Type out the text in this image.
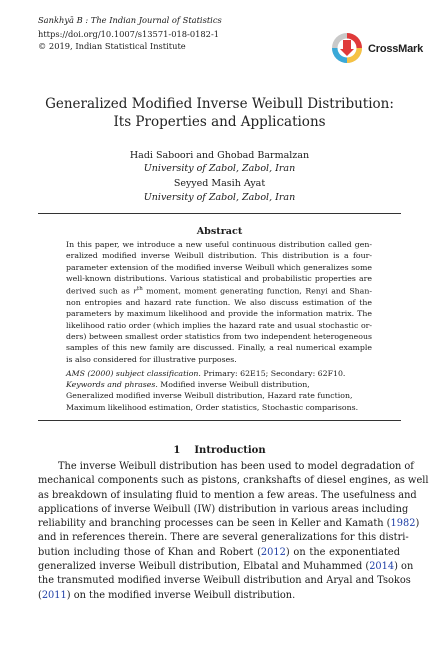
Sankhyā B : The Indian Journal of Statistics
https://doi.org/10.1007/s13571-018-0182-1
© 2019, Indian Statistical Institute	CrossMark
Generalized Modified Inverse Weibull Distribution:
Its Properties and Applications
Hadi Saboori and Ghobad Barmalzan
University of Zabol, Zabol, Iran
Seyyed Masih Ayat
University of Zabol, Zabol, Iran
Abstract
In this paper, we introduce a new useful continuous distribution called gen-
eralized modified inverse Weibull distribution. This distribution is a four-
parameter extension of the modified inverse Weibull which generalizes some
well-known distributions. Various statistical and probabilistic properties are
derived such as $r^{th}$ moment, moment generating function, Renyi and Shan-
non entropies and hazard rate function. We also discuss estimation of the
parameters by maximum likelihood and provide the information matrix. The
likelihood ratio order (which implies the hazard rate and usual stochastic or-
ders) between smallest order statistics from two independent heterogeneous
samples of this new family are discussed. Finally, a real numerical example
is also considered for illustrative purposes.
AMS (2000) subject classification. Primary: 62E15; Secondary: 62F10.
Keywords and phrases. Modified inverse Weibull distribution,
Generalized modified inverse Weibull distribution, Hazard rate function,
Maximum likelihood estimation, Order statistics, Stochastic comparisons.
1 Introduction
The inverse Weibull distribution has been used to model degradation of
mechanical components such as pistons, crankshafts of diesel engines, as well
as breakdown of insulating fluid to mention a few areas. The usefulness and
applications of inverse Weibull (IW) distribution in various areas including
reliability and branching processes can be seen in Keller and Kamath (1982)
and in references therein. There are several generalizations for this distri-
bution including those of Khan and Robert (2012) on the exponentiated
generalized inverse Weibull distribution, Elbatal and Muhammed (2014) on
the transmuted modified inverse Weibull distribution and Aryal and Tsokos
(2011) on the modified inverse Weibull distribution.
